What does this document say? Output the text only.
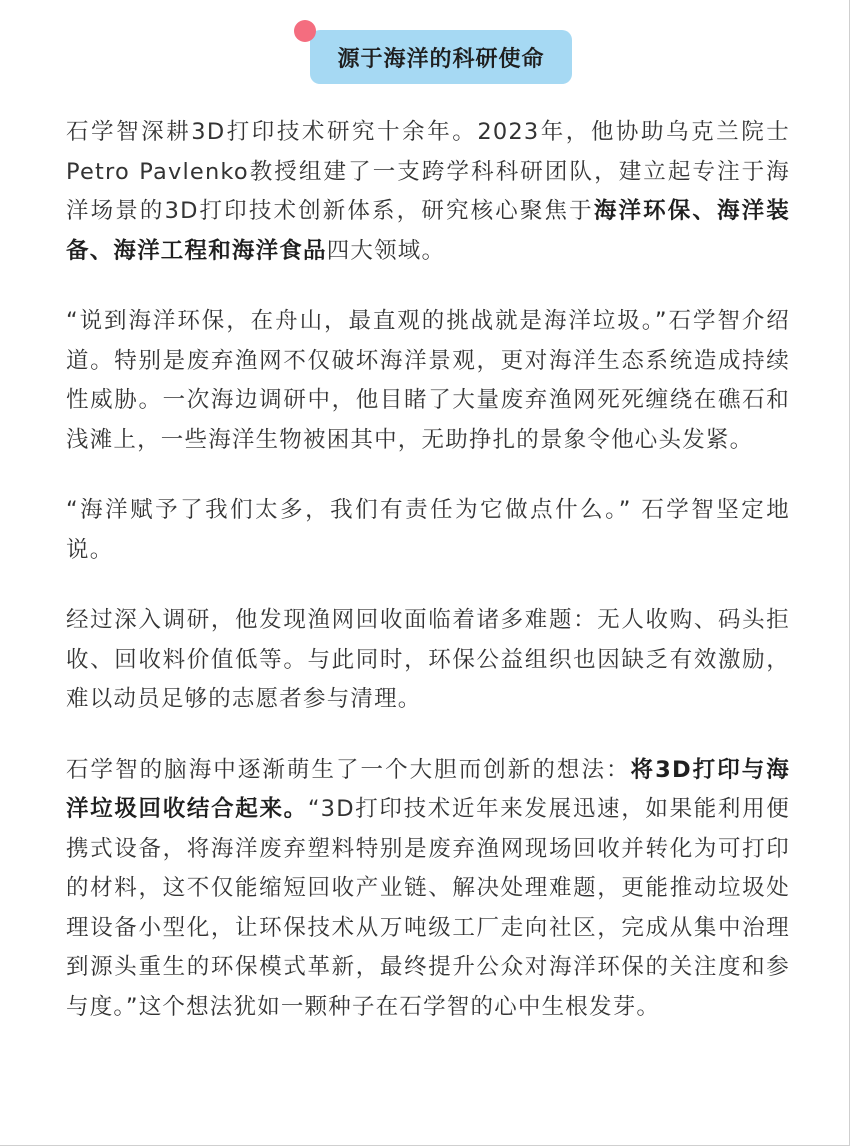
源于海洋的科研使命

石学智深耕3D打印技术研究十余年。2023年，他协助乌克兰院士Petro Pavlenko教授组建了一支跨学科科研团队，建立起专注于海洋场景的3D打印技术创新体系，研究核心聚焦于海洋环保、海洋装备、海洋工程和海洋食品四大领域。

“说到海洋环保，在舟山，最直观的挑战就是海洋垃圾。”石学智介绍道。特别是废弃渔网不仅破坏海洋景观，更对海洋生态系统造成持续性威胁。一次海边调研中，他目睹了大量废弃渔网死死缠绕在礁石和浅滩上，一些海洋生物被困其中，无助挣扎的景象令他心头发紧。

“海洋赋予了我们太多，我们有责任为它做点什么。” 石学智坚定地说。

经过深入调研，他发现渔网回收面临着诸多难题：无人收购、码头拒收、回收料价值低等。与此同时，环保公益组织也因缺乏有效激励，难以动员足够的志愿者参与清理。

石学智的脑海中逐渐萌生了一个大胆而创新的想法：将3D打印与海洋垃圾回收结合起来。“3D打印技术近年来发展迅速，如果能利用便携式设备，将海洋废弃塑料特别是废弃渔网现场回收并转化为可打印的材料，这不仅能缩短回收产业链、解决处理难题，更能推动垃圾处理设备小型化，让环保技术从万吨级工厂走向社区，完成从集中治理到源头重生的环保模式革新，最终提升公众对海洋环保的关注度和参与度。”这个想法犹如一颗种子在石学智的心中生根发芽。
